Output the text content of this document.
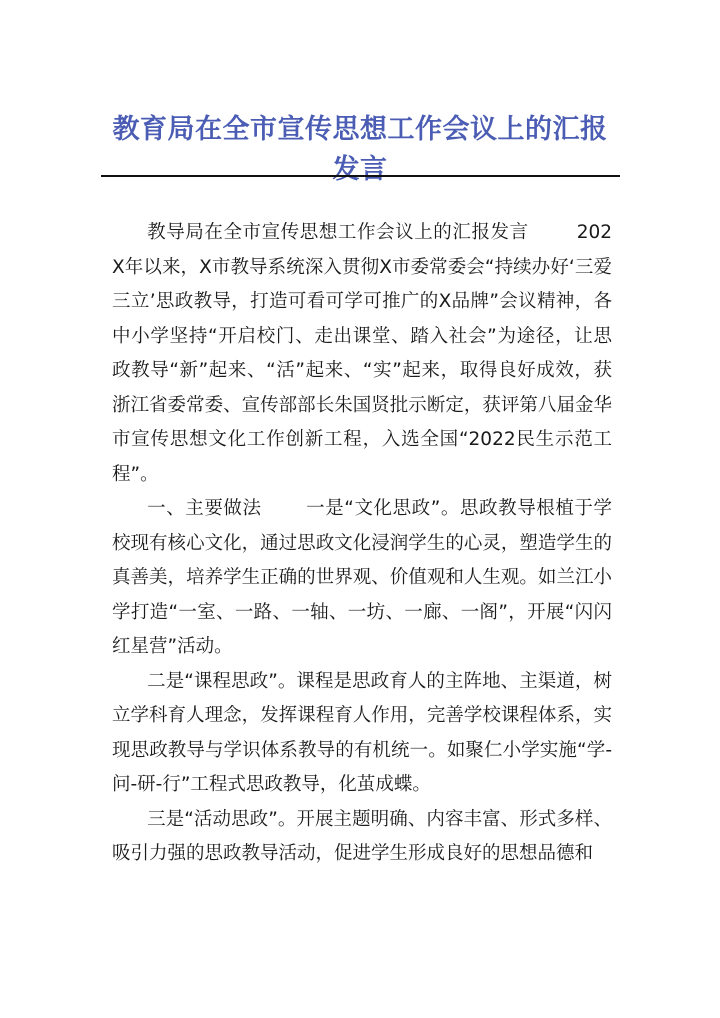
教育局在全市宣传思想工作会议上的汇报发言

教导局在全市宣传思想工作会议上的汇报发言	202X年以来，X市教导系统深入贯彻X市委常委会“持续办好‘三爱三立’思政教导，打造可看可学可推广的X品牌”会议精神，各中小学坚持“开启校门、走出课堂、踏入社会”为途径，让思政教导“新”起来、“活”起来、“实”起来，取得良好成效，获浙江省委常委、宣传部部长朱国贤批示断定，获评第八届金华市宣传思想文化工作创新工程，入选全国“2022民生示范工程”。

一、主要做法 一是“文化思政”。思政教导根植于学校现有核心文化，通过思政文化浸润学生的心灵，塑造学生的真善美，培养学生正确的世界观、价值观和人生观。如兰江小学打造“一室、一路、一轴、一坊、一廊、一阁”，开展“闪闪红星营”活动。

二是“课程思政”。课程是思政育人的主阵地、主渠道，树立学科育人理念，发挥课程育人作用，完善学校课程体系，实现思政教导与学识体系教导的有机统一。如聚仁小学实施“学-问-研-行”工程式思政教导，化茧成蝶。

三是“活动思政”。开展主题明确、内容丰富、形式多样、吸引力强的思政教导活动，促进学生形成良好的思想品德和
